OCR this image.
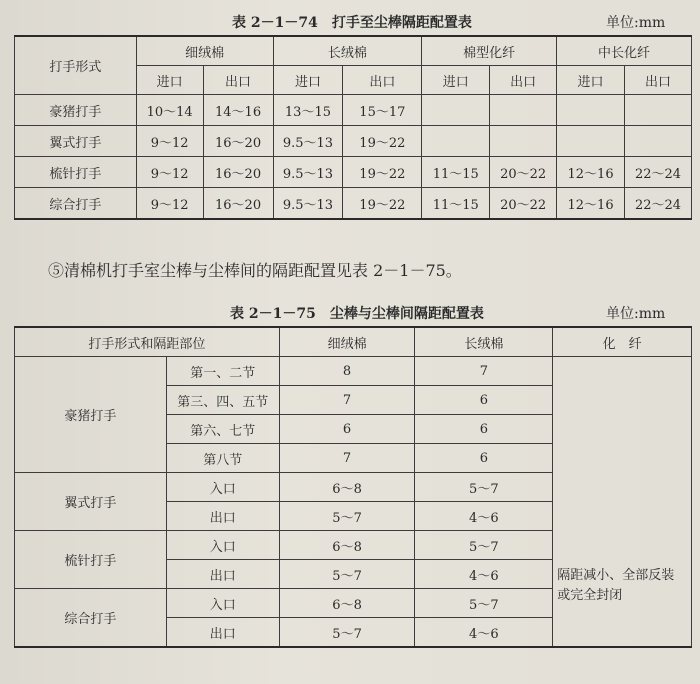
表 2－1－74　打手至尘棒隔距配置表	单位:mm
打手形式	细绒棉		长绒棉		棉型化纤		中长化纤	
	进口	出口	进口	出口	进口	出口	进口	出口
豪猪打手	10～14	14～16	13～15	15～17				
翼式打手	9～12	16～20	9.5～13	19～22				
梳针打手	9～12	16～20	9.5～13	19～22	11～15	20～22	12～16	22～24
综合打手	9～12	16～20	9.5～13	19～22	11～15	20～22	12～16	22～24
⑤清棉机打手室尘棒与尘棒间的隔距配置见表 2－1－75。
表 2－1－75　尘棒与尘棒间隔距配置表	单位:mm
打手形式和隔距部位		细绒棉	长绒棉	化　纤
豪猪打手	第一、二节	8	7	隔距减小、全部反装或完全封闭
	第三、四、五节	7	6	
	第六、七节	6	6	
	第八节	7	6	
翼式打手	入口	6～8	5～7	
	出口	5～7	4～6	
梳针打手	入口	6～8	5～7	
	出口	5～7	4～6	
综合打手	入口	6～8	5～7	
	出口	5～7	4～6	
